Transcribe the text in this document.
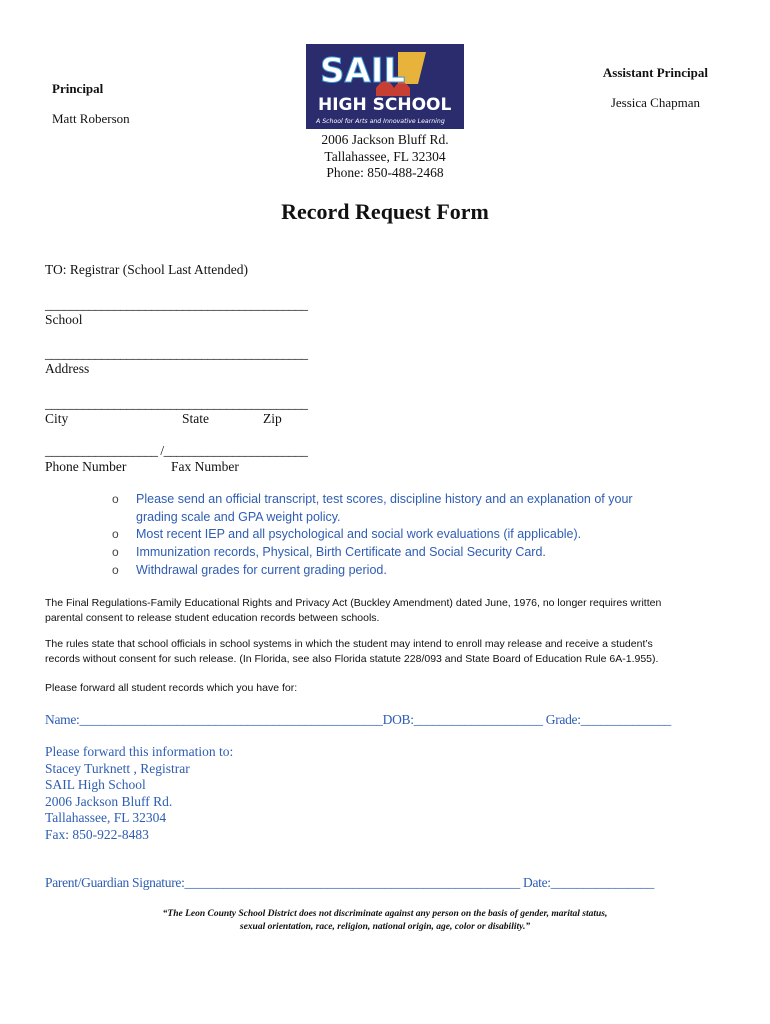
Principal
Matt Roberson
Assistant Principal
Jessica Chapman
SAIL
HIGH SCHOOL
A School for Arts and Innovative Learning
2006 Jackson Bluff Rd.
Tallahassee, FL 32304
Phone: 850-488-2468
Record Request Form
TO: Registrar (School Last Attended)
__________________________________________
School
__________________________________________
Address
__________________________________________
City	State	Zip
__________________ /_______________________
Phone Number	Fax Number
o Please send an official transcript, test scores, discipline history and an explanation of your
grading scale and GPA weight policy.
o Most recent IEP and all psychological and social work evaluations (if applicable).
o Immunization records, Physical, Birth Certificate and Social Security Card.
o Withdrawal grades for current grading period.
The Final Regulations-Family Educational Rights and Privacy Act (Buckley Amendment) dated June, 1976, no longer requires written
parental consent to release student education records between schools.
The rules state that school officials in school systems in which the student may intend to enroll may release and receive a student’s
records without consent for such release. (In Florida, see also Florida statute 228/093 and State Board of Education Rule 6A-1.955).
Please forward all student records which you have for:
Name:_______________________________________________DOB:____________________ Grade:______________
Please forward this information to:
Stacey Turknett , Registrar
SAIL High School
2006 Jackson Bluff Rd.
Tallahassee, FL 32304
Fax: 850-922-8483
Parent/Guardian Signature:____________________________________________________ Date:________________
“The Leon County School District does not discriminate against any person on the basis of gender, marital status,
sexual orientation, race, religion, national origin, age, color or disability.”
